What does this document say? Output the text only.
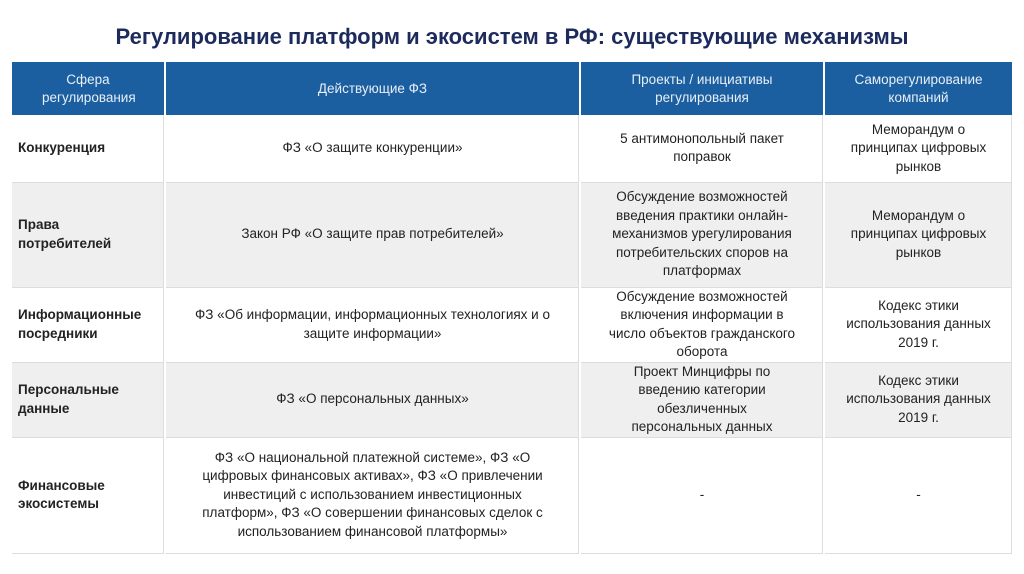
Регулирование платформ и экосистем в РФ: существующие механизмы
Сфера регулирования	Действующие ФЗ	Проекты / инициативы регулирования	Саморегулирование компаний
Конкуренция	ФЗ «О защите конкуренции»	5 антимонопольный пакет поправок	Меморандум о принципах цифровых рынков
Права потребителей	Закон РФ «О защите прав потребителей»	Обсуждение возможностей введения практики онлайн-механизмов урегулирования потребительских споров на платформах	Меморандум о принципах цифровых рынков
Информационные посредники	ФЗ «Об информации, информационных технологиях и о защите информации»	Обсуждение возможностей включения информации в число объектов гражданского оборота	Кодекс этики использования данных 2019 г.
Персональные данные	ФЗ «О персональных данных»	Проект Минцифры по введению категории обезличенных персональных данных	Кодекс этики использования данных 2019 г.
Финансовые экосистемы	ФЗ «О национальной платежной системе», ФЗ «О цифровых финансовых активах», ФЗ «О привлечении инвестиций с использованием инвестиционных платформ», ФЗ «О совершении финансовых сделок с использованием финансовой платформы»	-	-
